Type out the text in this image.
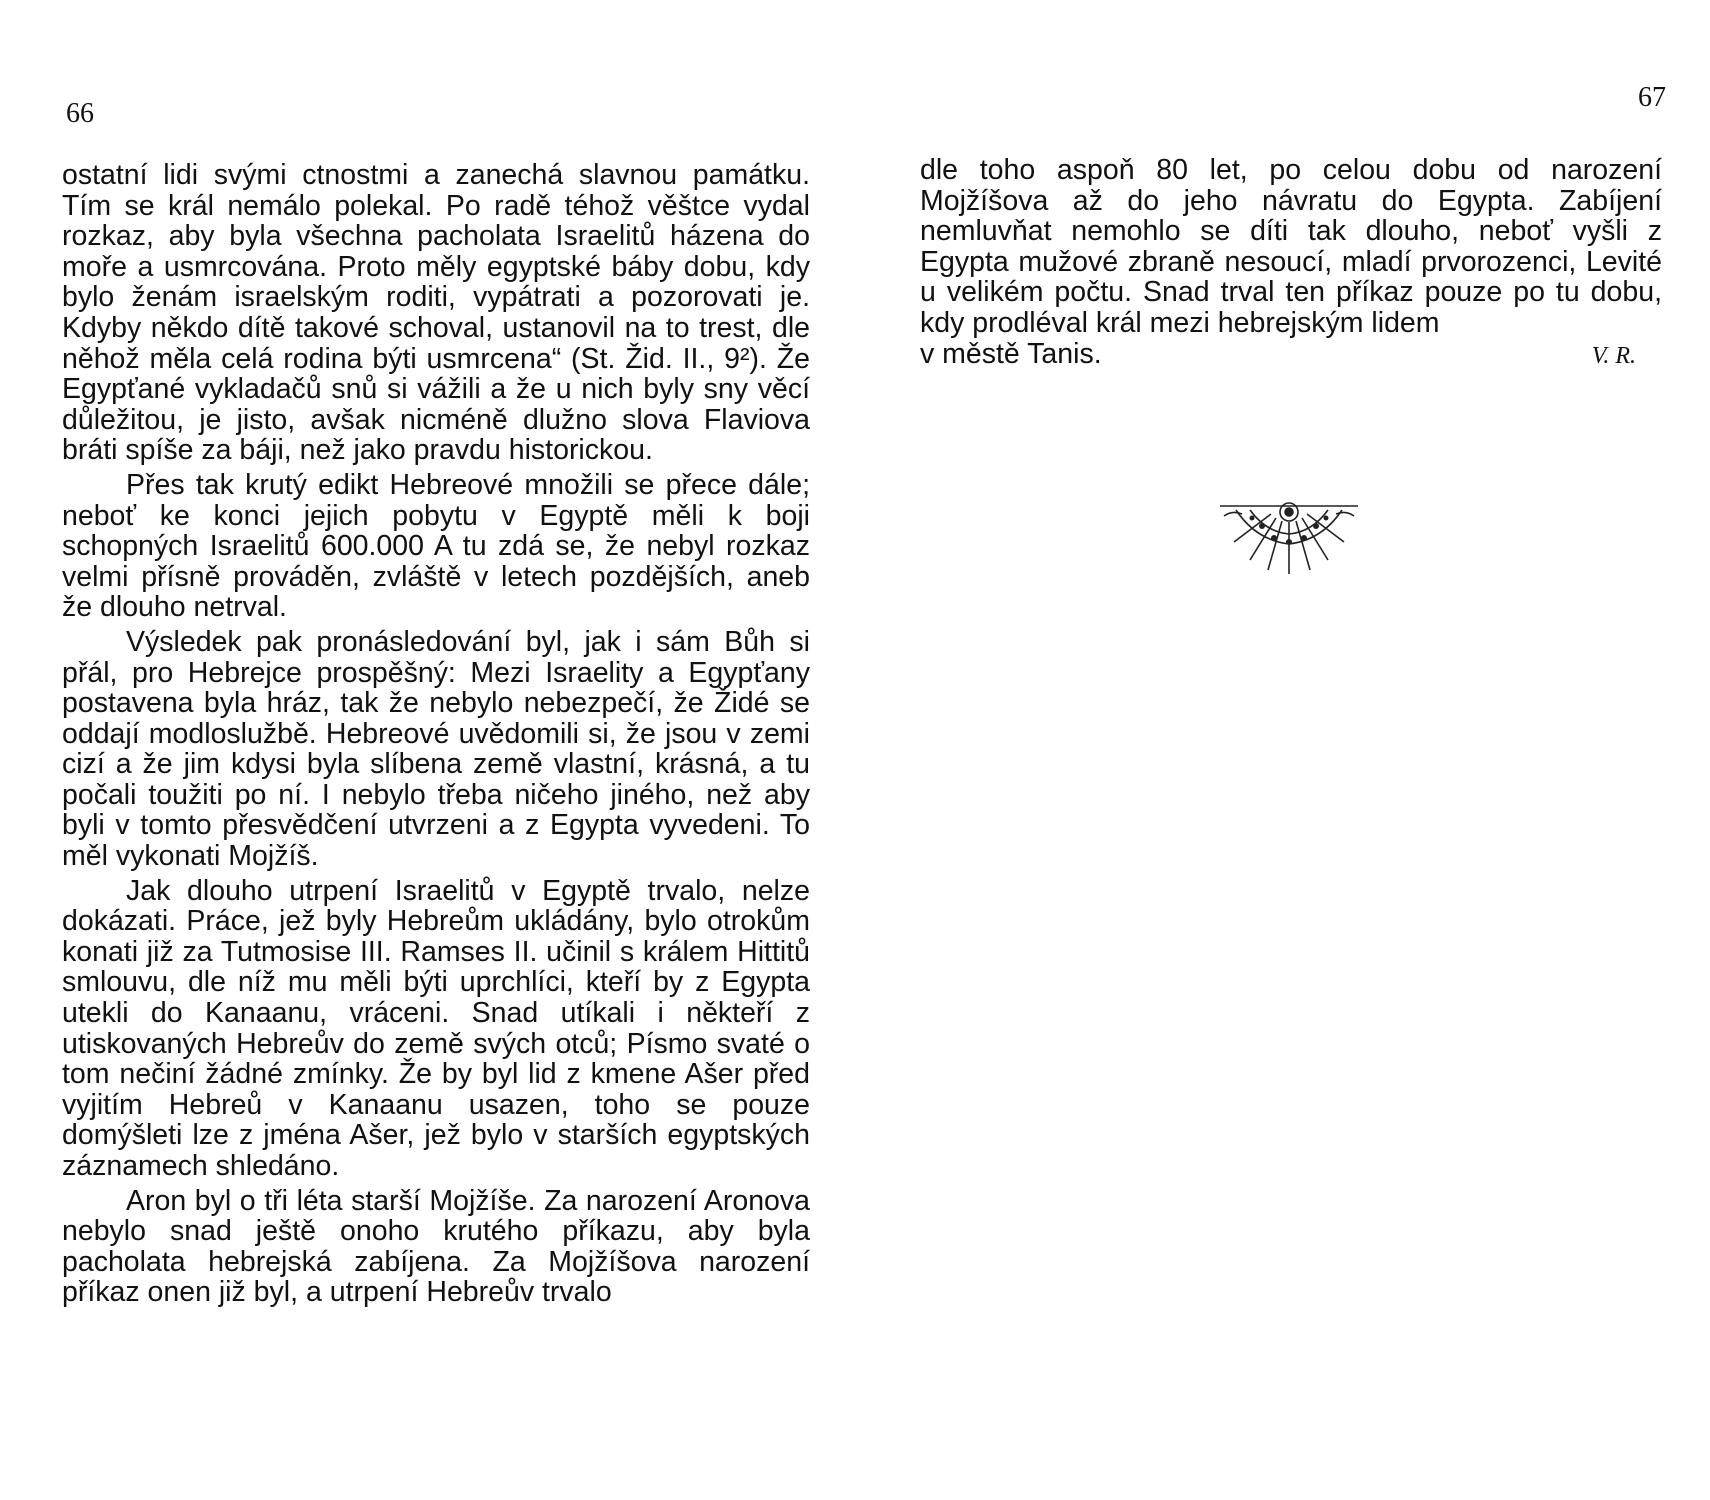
66
67

ostatní lidi svými ctnostmi a zanechá slavnou památku. Tím se král nemálo polekal. Po radě téhož věštce vydal rozkaz, aby byla všechna pacholata Israelitů házena do moře a usmrcována. Proto měly egyptské báby dobu, kdy bylo ženám israelským roditi, vypátrati a pozorovati je. Kdyby někdo dítě takové schoval, ustanovil na to trest, dle něhož měla celá rodina býti usmrcena“ (St. Žid. II., 9²). Že Egypťané vykladačů snů si vážili a že u nich byly sny věcí důležitou, je jisto, avšak nicméně dlužno slova Flaviova bráti spíše za báji, než jako pravdu historickou.

Přes tak krutý edikt Hebreové množili se přece dále; neboť ke konci jejich pobytu v Egyptě měli k boji schopných Israelitů 600.000 A tu zdá se, že nebyl rozkaz velmi přísně prováděn, zvláště v letech pozdějších, aneb že dlouho netrval.

Výsledek pak pronásledování byl, jak i sám Bůh si přál, pro Hebrejce prospěšný: Mezi Israelity a Egypťany postavena byla hráz, tak že nebylo nebezpečí, že Židé se oddají modloslužbě. Hebreové uvědomili si, že jsou v zemi cizí a že jim kdysi byla slíbena země vlastní, krásná, a tu počali toužiti po ní. I nebylo třeba ničeho jiného, než aby byli v tomto přesvědčení utvrzeni a z Egypta vyvedeni. To měl vykonati Mojžíš.

Jak dlouho utrpení Israelitů v Egyptě trvalo, nelze dokázati. Práce, jež byly Hebreům ukládány, bylo otrokům konati již za Tutmosise III. Ramses II. učinil s králem Hittitů smlouvu, dle níž mu měli býti uprchlíci, kteří by z Egypta utekli do Kanaanu, vráceni. Snad utíkali i někteří z utiskovaných Hebreův do země svých otců; Písmo svaté o tom nečiní žádné zmínky. Že by byl lid z kmene Ašer před vyjitím Hebreů v Kanaanu usazen, toho se pouze domýšleti lze z jména Ašer, jež bylo v starších egyptských záznamech shledáno.

Aron byl o tři léta starší Mojžíše. Za narození Aronova nebylo snad ještě onoho krutého příkazu, aby byla pacholata hebrejská zabíjena. Za Mojžíšova narození příkaz onen již byl, a utrpení Hebreův trvalo

dle toho aspoň 80 let, po celou dobu od narození Mojžíšova až do jeho návratu do Egypta. Zabíjení nemluvňat nemohlo se díti tak dlouho, neboť vyšli z Egypta mužové zbraně nesoucí, mladí prvorozenci, Levité u velikém počtu. Snad trval ten příkaz pouze po tu dobu, kdy prodléval král mezi hebrejským lidem

v městě Tanis.	V. R.
